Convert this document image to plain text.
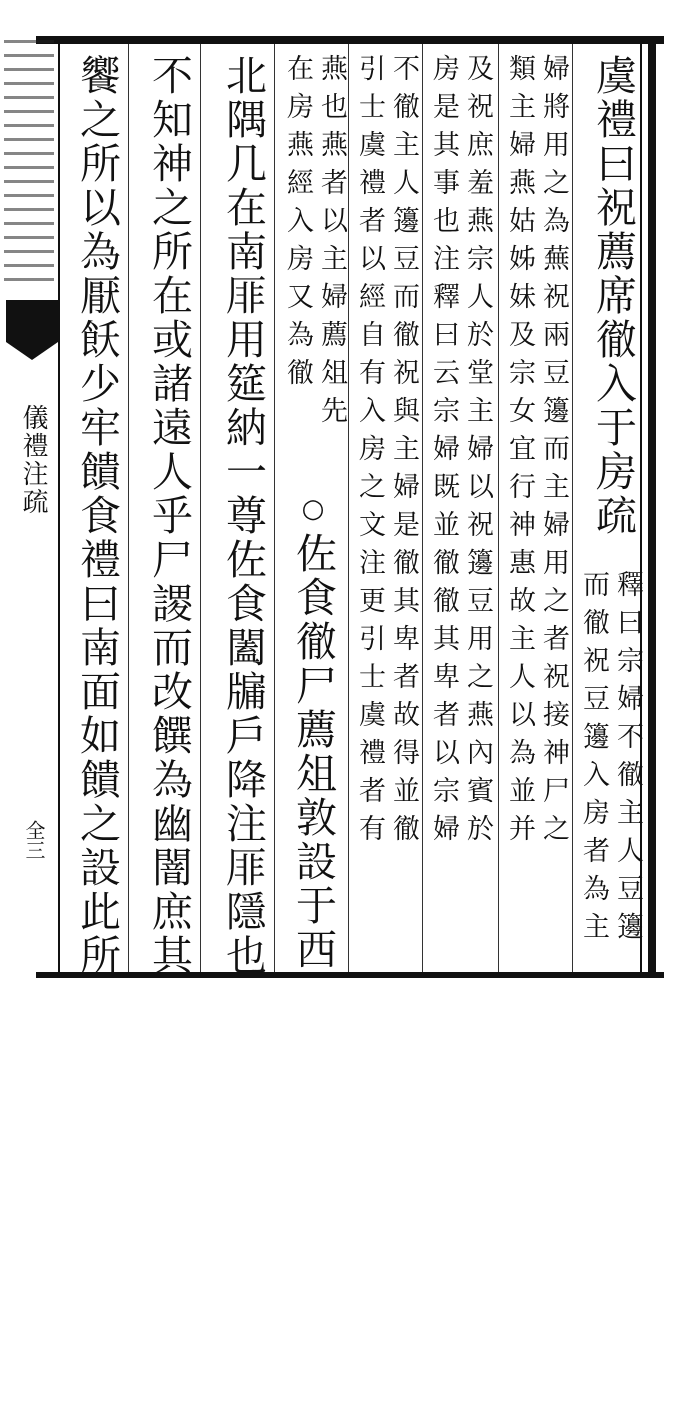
儀禮注疏
全三
虞禮曰祝薦席徹入于房疏
釋曰宗婦不徹主人豆籩
而徹祝豆籩入房者為主
婦將用之為蕪祝兩豆籩而主婦用之者祝接神尸之
類主婦燕姑姊妹及宗女宜行神惠故主人以為並并
及祝庶羞燕宗人於堂主婦以祝籩豆用之燕內賓於
房是其事也注釋曰云宗婦既並徹徹其卑者以宗婦
不徹主人籩豆而徹祝與主婦是徹其卑者故得並徹
引士虞禮者以經自有入房之文注更引士虞禮者有
燕也燕者以主婦薦俎先
在房燕經入房又為徹
○
佐食徹尸薦俎敦設于西
北隅几在南厞用筵納一尊佐食闔牖戶降注厞隱也
不知神之所在或諸遠人乎尸謖而改饌為幽闇庶其
饗之所以為厭飫少牢饋食禮曰南面如饋之設此所
